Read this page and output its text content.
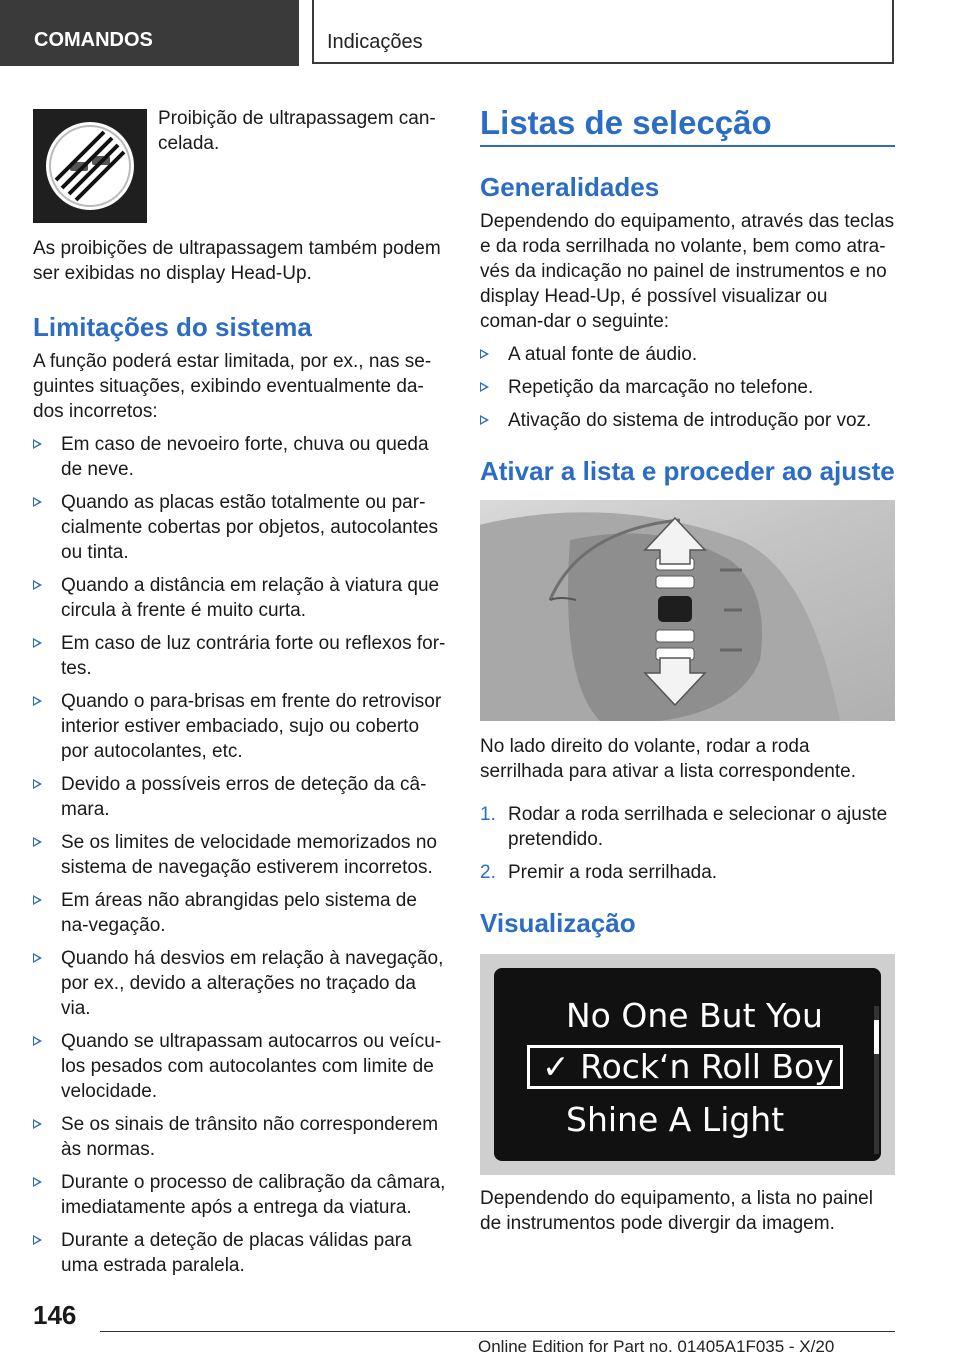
COMANDOS	Indicações

Proibição de ultrapassagem can-celada.

As proibições de ultrapassagem também podem ser exibidas no display Head-Up.

Limitações do sistema

A função poderá estar limitada, por ex., nas se-guintes situações, exibindo eventualmente da-dos incorretos:

Em caso de nevoeiro forte, chuva ou queda de neve.
Quando as placas estão totalmente ou par-cialmente cobertas por objetos, autocolantes ou tinta.
Quando a distância em relação à viatura que circula à frente é muito curta.
Em caso de luz contrária forte ou reflexos for-tes.
Quando o para-brisas em frente do retrovisor interior estiver embaciado, sujo ou coberto por autocolantes, etc.
Devido a possíveis erros de deteção da câ-mara.
Se os limites de velocidade memorizados no sistema de navegação estiverem incorretos.
Em áreas não abrangidas pelo sistema de na-vegação.
Quando há desvios em relação à navegação, por ex., devido a alterações no traçado da via.
Quando se ultrapassam autocarros ou veícu-los pesados com autocolantes com limite de velocidade.
Se os sinais de trânsito não corresponderem às normas.
Durante o processo de calibração da câmara, imediatamente após a entrega da viatura.
Durante a deteção de placas válidas para uma estrada paralela.
Listas de selecção
Generalidades

Dependendo do equipamento, através das teclas e da roda serrilhada no volante, bem como atra-vés da indicação no painel de instrumentos e no display Head-Up, é possível visualizar ou coman-dar o seguinte:

A atual fonte de áudio.
Repetição da marcação no telefone.
Ativação do sistema de introdução por voz.
Ativar a lista e proceder ao ajuste

No lado direito do volante, rodar a roda serrilhada para ativar a lista correspondente.

1. Rodar a roda serrilhada e selecionar o ajuste pretendido.
2. Premir a roda serrilhada.
Visualização
No One But You
✓ Rock‘n Roll Boy
Shine A Light

Dependendo do equipamento, a lista no painel de instrumentos pode divergir da imagem.

146
Online Edition for Part no. 01405A1F035 - X/20
